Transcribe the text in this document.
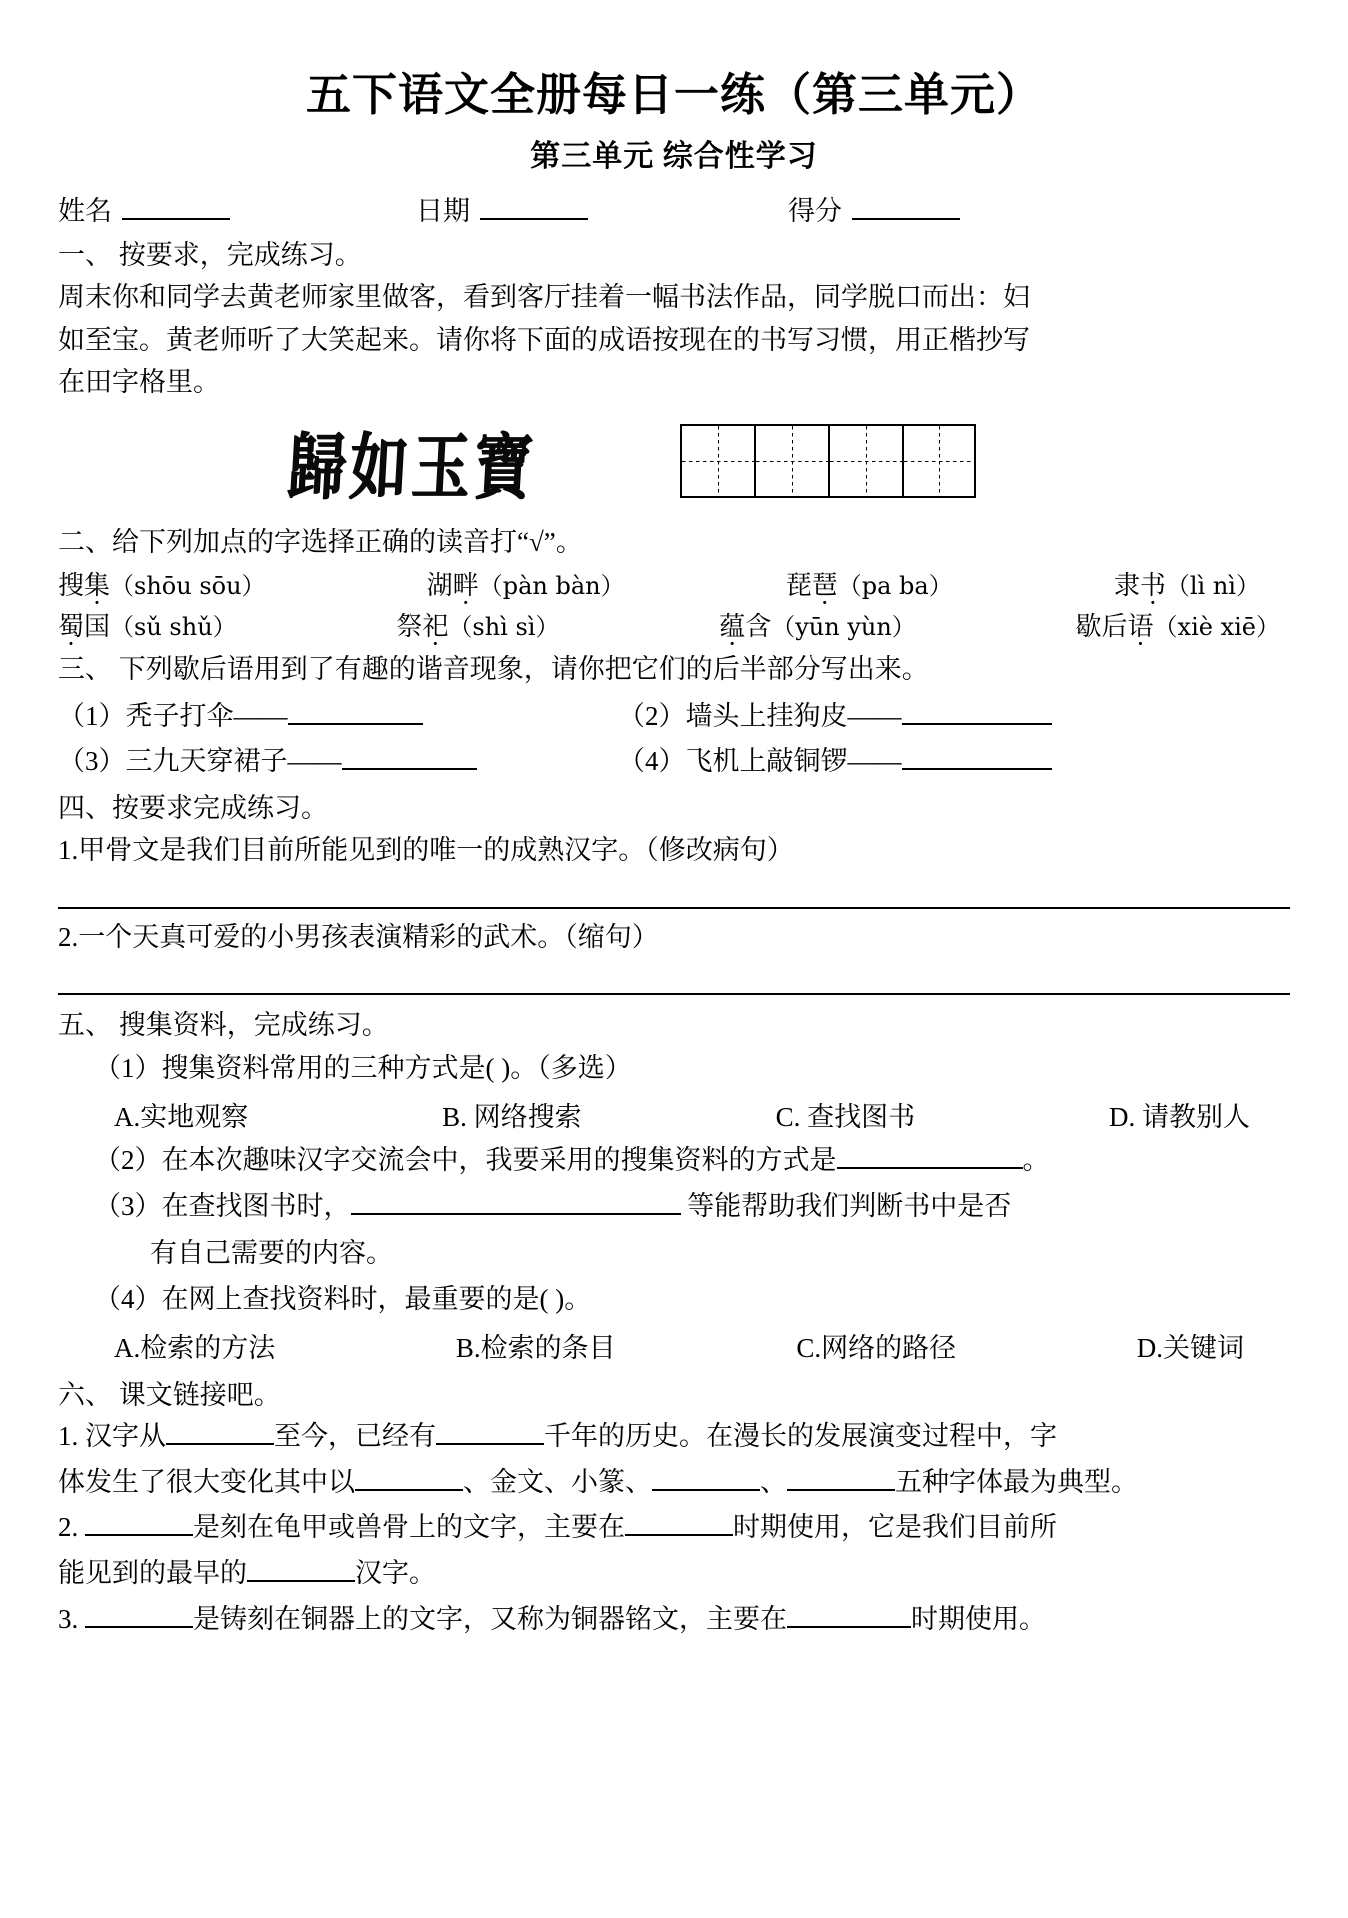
五下语文全册每日一练（第三单元）
第三单元 综合性学习
姓名	日期	得分
一、 按要求，完成练习。
周末你和同学去黄老师家里做客，看到客厅挂着一幅书法作品，同学脱口而出：妇
如至宝。黄老师听了大笑起来。请你将下面的成语按现在的书写习惯，用正楷抄写
在田字格里。
歸如玉寶
二、给下列加点的字选择正确的读音打“√”。
搜集（shōu sōu）	湖畔（pàn bàn）	琵琶（pa ba）	隶书（lì nì）
蜀国（sǔ shǔ）	祭祀（shì sì）	蕴含（yūn yùn）	歇后语（xiè xiē）
三、 下列歇后语用到了有趣的谐音现象，请你把它们的后半部分写出来。
（1）秃子打伞——	（2）墙头上挂狗皮——
（3）三九天穿裙子——	（4）飞机上敲铜锣——
四、按要求完成练习。
1.甲骨文是我们目前所能见到的唯一的成熟汉字。（修改病句）
2.一个天真可爱的小男孩表演精彩的武术。（缩句）
五、 搜集资料，完成练习。
（1）搜集资料常用的三种方式是( )。（多选）
A.实地观察	B. 网络搜索	C. 查找图书	D. 请教别人
（2）在本次趣味汉字交流会中，我要采用的搜集资料的方式是	。
（3）在查找图书时，	等能帮助我们判断书中是否
有自己需要的内容。
（4）在网上查找资料时，最重要的是( )。
A.检索的方法	B.检索的条目	C.网络的路径	D.关键词
六、 课文链接吧。

1. 汉字从	至今，已经有	千年的历史。在漫长的发展演变过程中，字

体发生了很大变化其中以	、金文、小篆、	、	五种字体最为典型。

2.	是刻在龟甲或兽骨上的文字，主要在	时期使用，它是我们目前所

能见到的最早的	汉字。

3.	是铸刻在铜器上的文字，又称为铜器铭文，主要在	时期使用。
